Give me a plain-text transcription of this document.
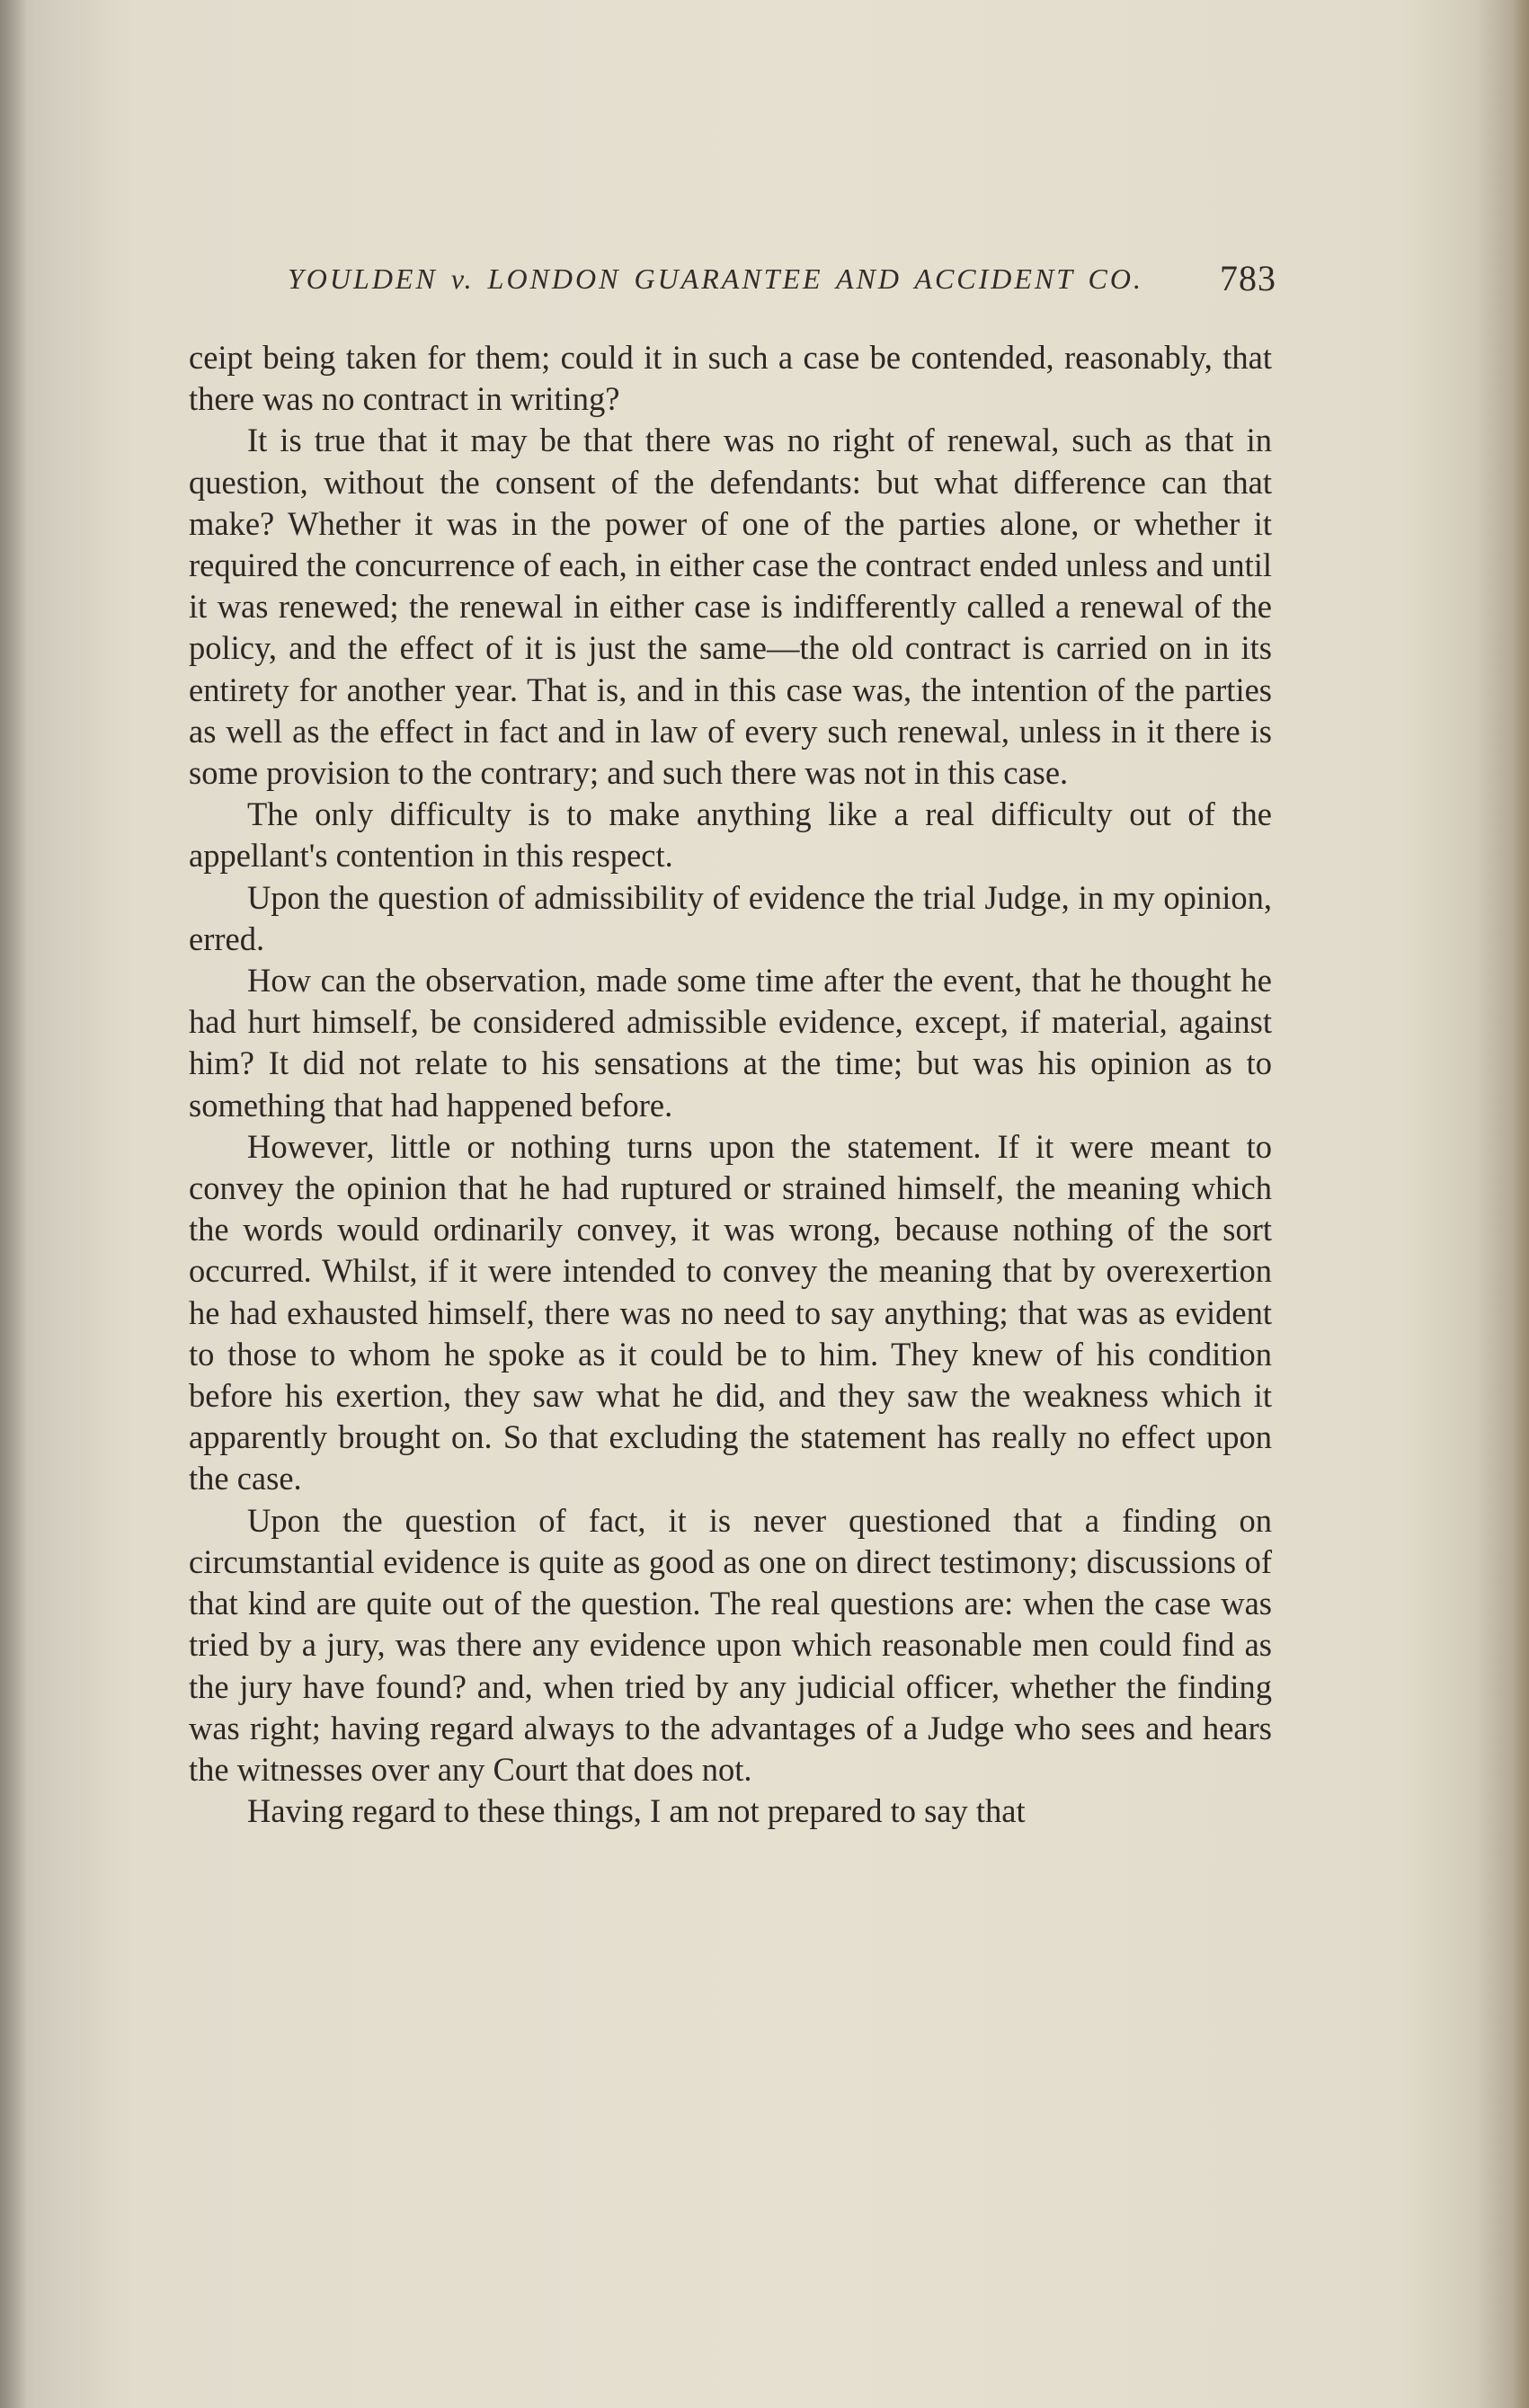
YOULDEN v. LONDON GUARANTEE AND ACCIDENT CO. 783

ceipt being taken for them; could it in such a case be contended, reasonably, that there was no contract in writing?

It is true that it may be that there was no right of renewal, such as that in question, without the consent of the defendants: but what difference can that make? Whether it was in the power of one of the parties alone, or whether it required the concurrence of each, in either case the contract ended unless and until it was renewed; the renewal in either case is indifferently called a renewal of the policy, and the effect of it is just the same—the old contract is carried on in its entirety for another year. That is, and in this case was, the intention of the parties as well as the effect in fact and in law of every such renewal, unless in it there is some provision to the contrary; and such there was not in this case.

The only difficulty is to make anything like a real difficulty out of the appellant's contention in this respect.

Upon the question of admissibility of evidence the trial Judge, in my opinion, erred.

How can the observation, made some time after the event, that he thought he had hurt himself, be considered admissible evidence, except, if material, against him? It did not relate to his sensations at the time; but was his opinion as to something that had happened before.

However, little or nothing turns upon the statement. If it were meant to convey the opinion that he had ruptured or strained himself, the meaning which the words would ordinarily convey, it was wrong, because nothing of the sort occurred. Whilst, if it were intended to convey the meaning that by overexertion he had exhausted himself, there was no need to say anything; that was as evident to those to whom he spoke as it could be to him. They knew of his condition before his exertion, they saw what he did, and they saw the weakness which it apparently brought on. So that excluding the statement has really no effect upon the case.

Upon the question of fact, it is never questioned that a finding on circumstantial evidence is quite as good as one on direct testimony; discussions of that kind are quite out of the question. The real questions are: when the case was tried by a jury, was there any evidence upon which reasonable men could find as the jury have found? and, when tried by any judicial officer, whether the finding was right; having regard always to the advantages of a Judge who sees and hears the witnesses over any Court that does not.

Having regard to these things, I am not prepared to say that
